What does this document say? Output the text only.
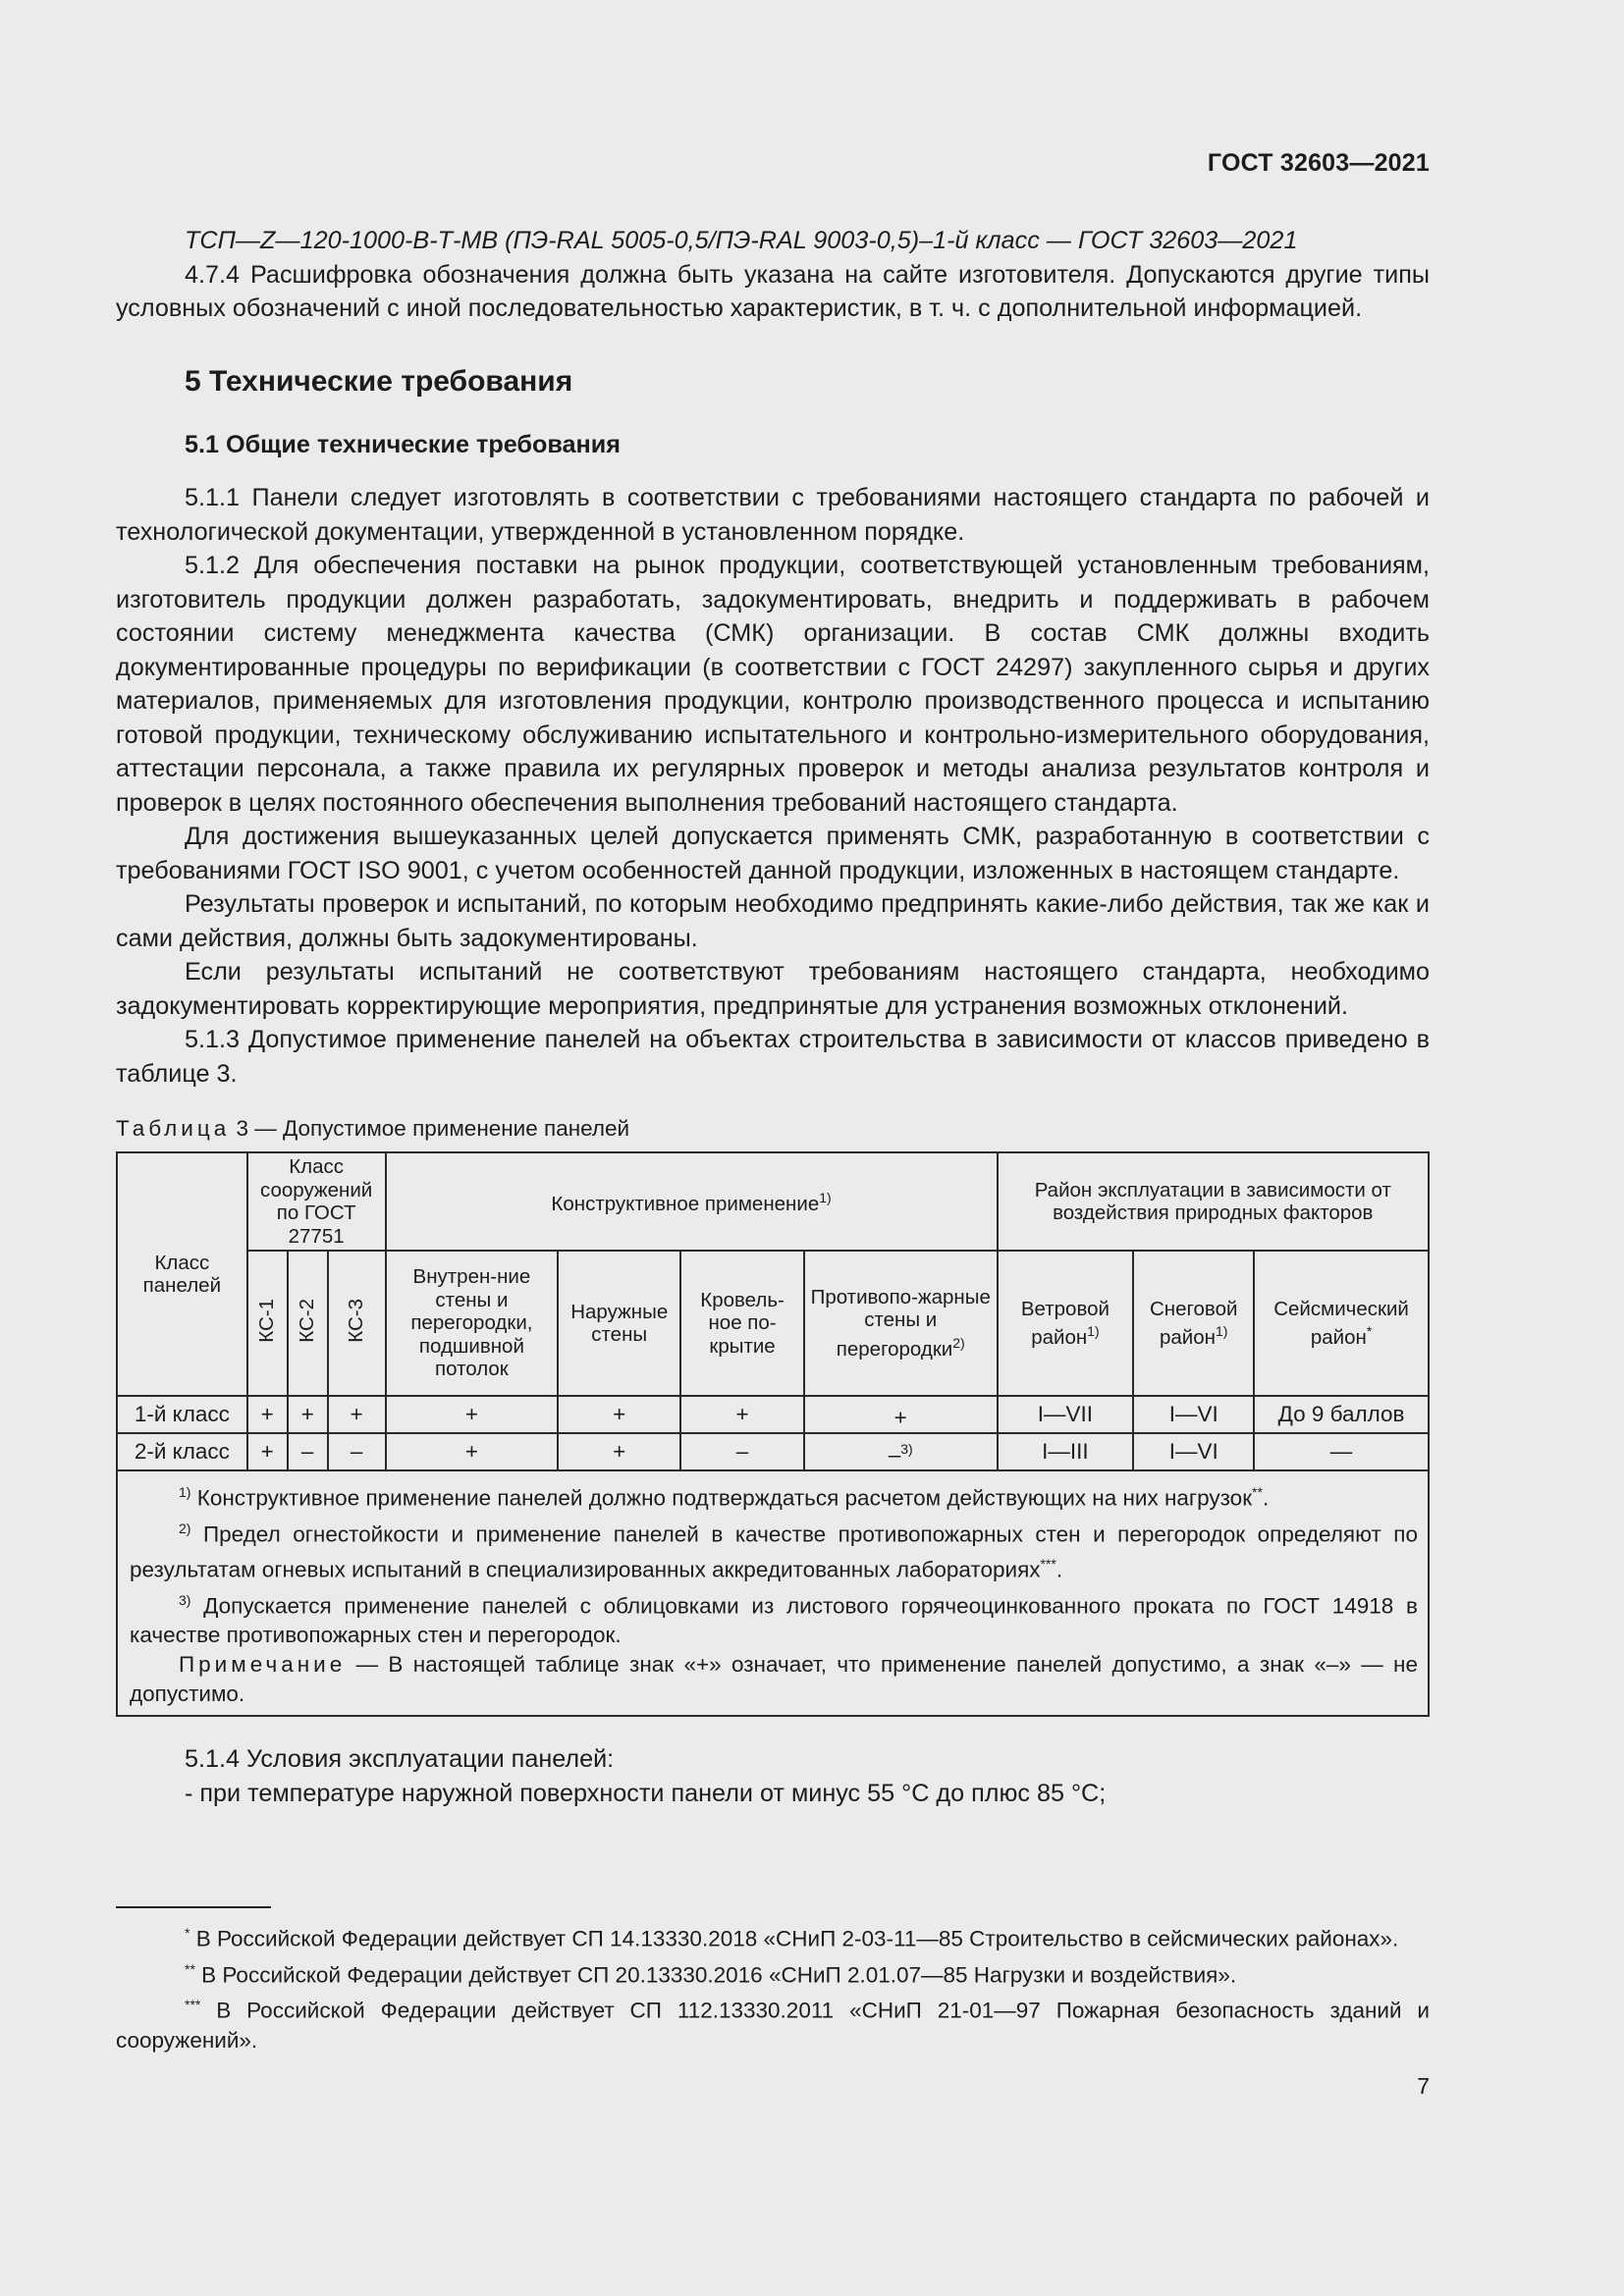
ГОСТ 32603—2021

ТСП—Z—120-1000-В-Т-МВ (ПЭ-RAL 5005-0,5/ПЭ-RAL 9003-0,5)–1-й класс — ГОСТ 32603—2021

4.7.4 Расшифровка обозначения должна быть указана на сайте изготовителя. Допускаются другие типы условных обозначений с иной последовательностью характеристик, в т. ч. с дополнительной информацией.

5 Технические требования
5.1 Общие технические требования

5.1.1 Панели следует изготовлять в соответствии с требованиями настоящего стандарта по рабочей и технологической документации, утвержденной в установленном порядке.

5.1.2 Для обеспечения поставки на рынок продукции, соответствующей установленным требованиям, изготовитель продукции должен разработать, задокументировать, внедрить и поддерживать в рабочем состоянии систему менеджмента качества (СМК) организации. В состав СМК должны входить документированные процедуры по верификации (в соответствии с ГОСТ 24297) закупленного сырья и других материалов, применяемых для изготовления продукции, контролю производственного процесса и испытанию готовой продукции, техническому обслуживанию испытательного и контрольно-измерительного оборудования, аттестации персонала, а также правила их регулярных проверок и методы анализа результатов контроля и проверок в целях постоянного обеспечения выполнения требований настоящего стандарта.

Для достижения вышеуказанных целей допускается применять СМК, разработанную в соответствии с требованиями ГОСТ ISO 9001, с учетом особенностей данной продукции, изложенных в настоящем стандарте.

Результаты проверок и испытаний, по которым необходимо предпринять какие-либо действия, так же как и сами действия, должны быть задокументированы.

Если результаты испытаний не соответствуют требованиям настоящего стандарта, необходимо задокументировать корректирующие мероприятия, предпринятые для устранения возможных отклонений.

5.1.3 Допустимое применение панелей на объектах строительства в зависимости от классов приведено в таблице 3.

Таблица 3 — Допустимое применение панелей
Класс панелей	Класс сооружений по ГОСТ 27751			Конструктивное применение$^{1)}$				Район эксплуатации в зависимости от воздействия природных факторов		
	КС-1	КС-2	КС-3	Внутрен-ние стены и перегородки, подшивной потолок	Наружные стены	Кровель-ное по-крытие	Противопо-жарные стены и перегородки$^{2)}$	Ветровой район$^{1)}$	Снеговой район$^{1)}$	Сейсмический район*
1-й класс	+	+	+	+	+	+	+	I—VII	I—VI	До 9 баллов
2-й класс	+	–	–	+	+	–	–$^{3)}$	I—III	I—VI	—

$^{1)}$ Конструктивное применение панелей должно подтверждаться расчетом действующих на них нагрузок**.

$^{2)}$ Предел огнестойкости и применение панелей в качестве противопожарных стен и перегородок определяют по результатам огневых испытаний в специализированных аккредитованных лабораториях***.

$^{3)}$ Допускается применение панелей с облицовками из листового горячеоцинкованного проката по ГОСТ 14918 в качестве противопожарных стен и перегородок.

Примечание — В настоящей таблице знак «+» означает, что применение панелей допустимо, а знак «–» — не допустимо.										

5.1.4 Условия эксплуатации панелей:

- при температуре наружной поверхности панели от минус 55 °С до плюс 85 °С;

* В Российской Федерации действует СП 14.13330.2018 «СНиП 2-03-11—85 Строительство в сейсмических районах».

** В Российской Федерации действует СП 20.13330.2016 «СНиП 2.01.07—85 Нагрузки и воздействия».

*** В Российской Федерации действует СП 112.13330.2011 «СНиП 21-01—97 Пожарная безопасность зданий и сооружений».

7
